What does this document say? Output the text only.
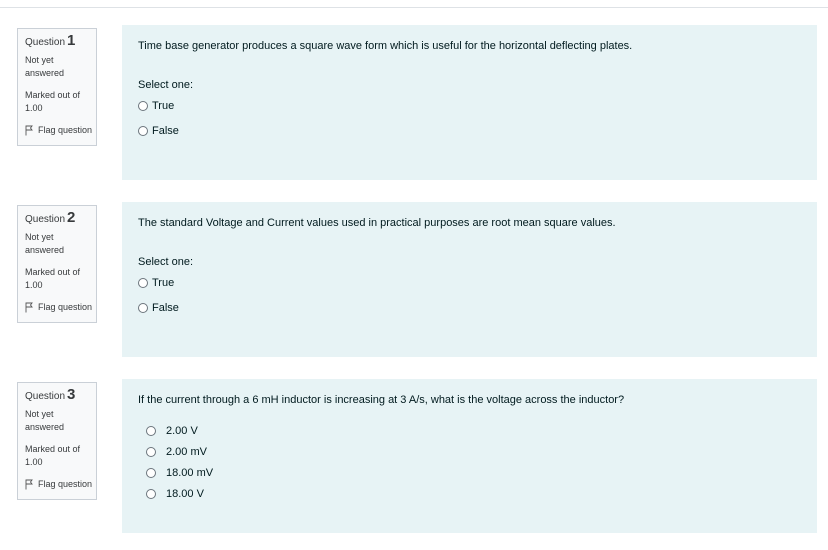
Question 1
Not yet answered
Marked out of 1.00
Flag question
Time base generator produces a square wave form which is useful for the horizontal deflecting plates.
Select one:
True
False
Question 2
Not yet answered
Marked out of 1.00
Flag question
The standard Voltage and Current values used in practical purposes are root mean square values.
Select one:
True
False
Question 3
Not yet answered
Marked out of 1.00
Flag question
If the current through a 6 mH inductor is increasing at 3 A/s, what is the voltage across the inductor?
2.00 V
2.00 mV
18.00 mV
18.00 V
